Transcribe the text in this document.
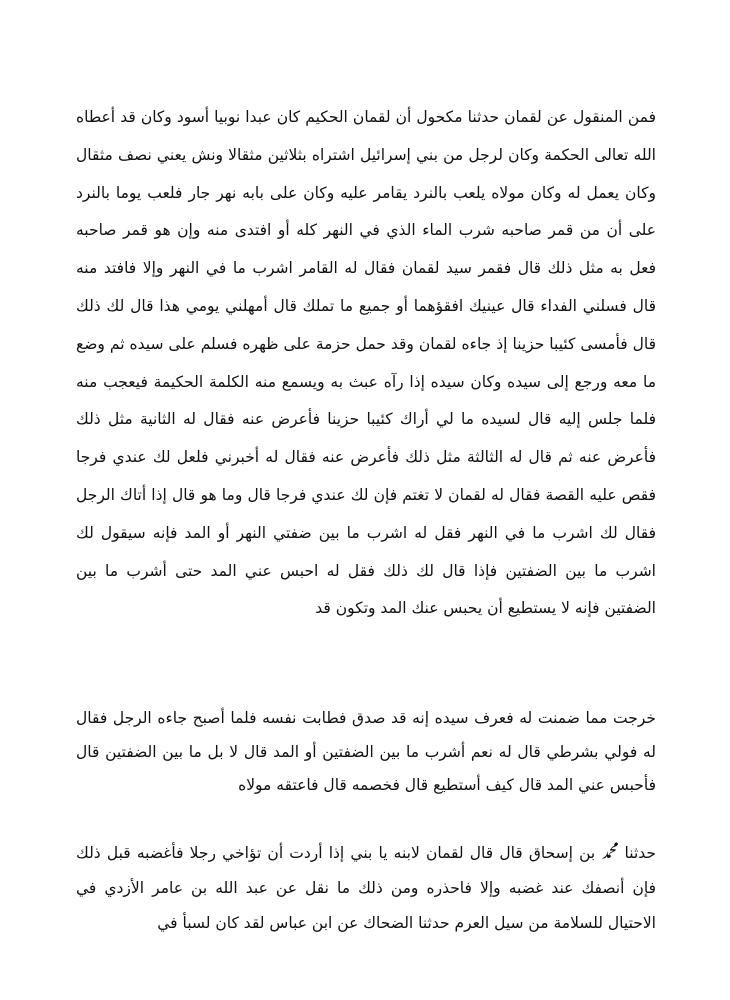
فمن المنقول عن لقمان حدثنا مكحول أن لقمان الحكيم كان عبدا نوبيا أسود وكان قد أعطاه الله تعالى الحكمة وكان لرجل من بني إسرائيل اشتراه بثلاثين مثقالا ونش يعني نصف مثقال وكان يعمل له وكان مولاه يلعب بالنرد يقامر عليه وكان على بابه نهر جار فلعب يوما بالنرد على أن من قمر صاحبه شرب الماء الذي في النهر كله أو افتدى منه وإن هو قمر صاحبه فعل به مثل ذلك قال فقمر سيد لقمان فقال له القامر اشرب ما في النهر وإلا فافتد منه قال فسلني الفداء قال عينيك افقؤهما أو جميع ما تملك قال أمهلني يومي هذا قال لك ذلك قال فأمسى كئيبا حزينا إذ جاءه لقمان وقد حمل حزمة على ظهره فسلم على سيده ثم وضع ما معه ورجع إلى سيده وكان سيده إذا رآه عبث به ويسمع منه الكلمة الحكيمة فيعجب منه فلما جلس إليه قال لسيده ما لي أراك كئيبا حزينا فأعرض عنه فقال له الثانية مثل ذلك فأعرض عنه ثم قال له الثالثة مثل ذلك فأعرض عنه فقال له أخبرني فلعل لك عندي فرجا فقص عليه القصة فقال له لقمان لا تغتم فإن لك عندي فرجا قال وما هو قال إذا أتاك الرجل فقال لك اشرب ما في النهر فقل له اشرب ما بين ضفتي النهر أو المد فإنه سيقول لك اشرب ما بين الضفتين فإذا قال لك ذلك فقل له احبس عني المد حتى أشرب ما بين الضفتين فإنه لا يستطيع أن يحبس عنك المد وتكون قد

خرجت مما ضمنت له فعرف سيده إنه قد صدق فطابت نفسه فلما أصبح جاءه الرجل فقال له فولي بشرطي قال له نعم أشرب ما بين الضفتين أو المد قال لا بل ما بين الضفتين قال فأحبس عني المد قال كيف أستطيع قال فخصمه قال فاعتقه مولاه

حدثنا ﷴ بن إسحاق قال قال لقمان لابنه يا بني إذا أردت أن تؤاخي رجلا فأغضبه قبل ذلك فإن أنصفك عند غضبه وإلا فاحذره ومن ذلك ما نقل عن عبد الله بن عامر الأزدي في الاحتيال للسلامة من سيل العرم حدثنا الضحاك عن ابن عباس لقد كان لسبأ في
